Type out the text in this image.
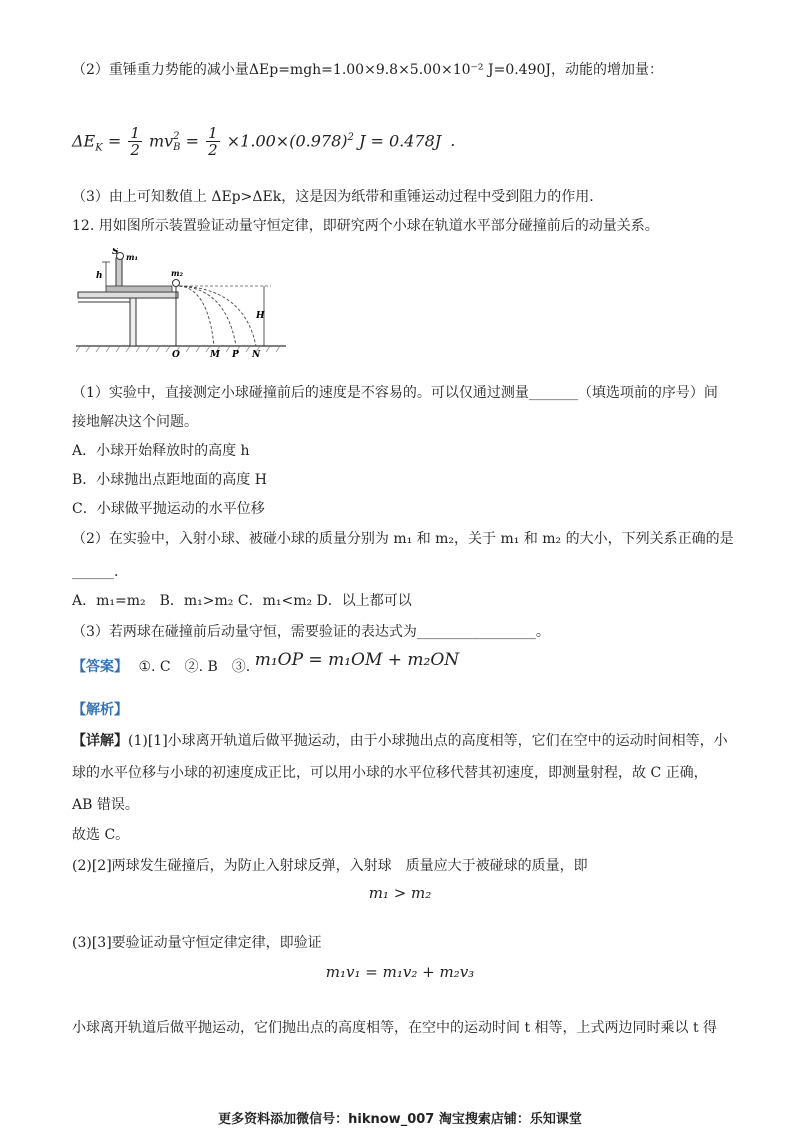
（2）重锤重力势能的减小量ΔEp=mgh=1.00×9.8×5.00×10⁻² J=0.490J，动能的增加量：
$\Delta E_K = \frac{1}{2}$ mv 2
$B = \frac{1}{2} \times 1.00\times(0.978)^2$ J = 0.478J .
（3）由上可知数值上 ΔEp>ΔEk，这是因为纸带和重锤运动过程中受到阻力的作用.
12. 用如图所示装置验证动量守恒定律，即研究两个小球在轨道水平部分碰撞前后的动量关系。
S m₁
m₂
h
H
O	M P N
（1）实验中，直接测定小球碰撞前后的速度是不容易的。可以仅通过测量_______（填选项前的序号）间
接地解决这个问题。
A．小球开始释放时的高度 h
B．小球抛出点距地面的高度 H
C．小球做平抛运动的水平位移
（2）在实验中，入射小球、被碰小球的质量分别为 m₁ 和 m₂，关于 m₁ 和 m₂ 的大小，下列关系正确的是
______.
A．m₁=m₂　B．m₁>m₂ C．m₁<m₂ D．以上都可以
（3）若两球在碰撞前后动量守恒，需要验证的表达式为_________________。
【答案】 ①. C　②. B　③. m₁OP = m₁OM + m₂ON
【解析】
【详解】(1)[1]小球离开轨道后做平抛运动，由于小球抛出点的高度相等，它们在空中的运动时间相等，小
球的水平位移与小球的初速度成正比，可以用小球的水平位移代替其初速度，即测量射程，故 C 正确，
AB 错误。
故选 C。
(2)[2]两球发生碰撞后，为防止入射球反弹，入射球　质量应大于被碰球的质量，即
m₁ > m₂
(3)[3]要验证动量守恒定律定律，即验证
m₁v₁ = m₁v₂ + m₂v₃
小球离开轨道后做平抛运动，它们抛出点的高度相等，在空中的运动时间 t 相等，上式两边同时乘以 t 得
更多资料添加微信号：hiknow_007 淘宝搜索店铺：乐知课堂
